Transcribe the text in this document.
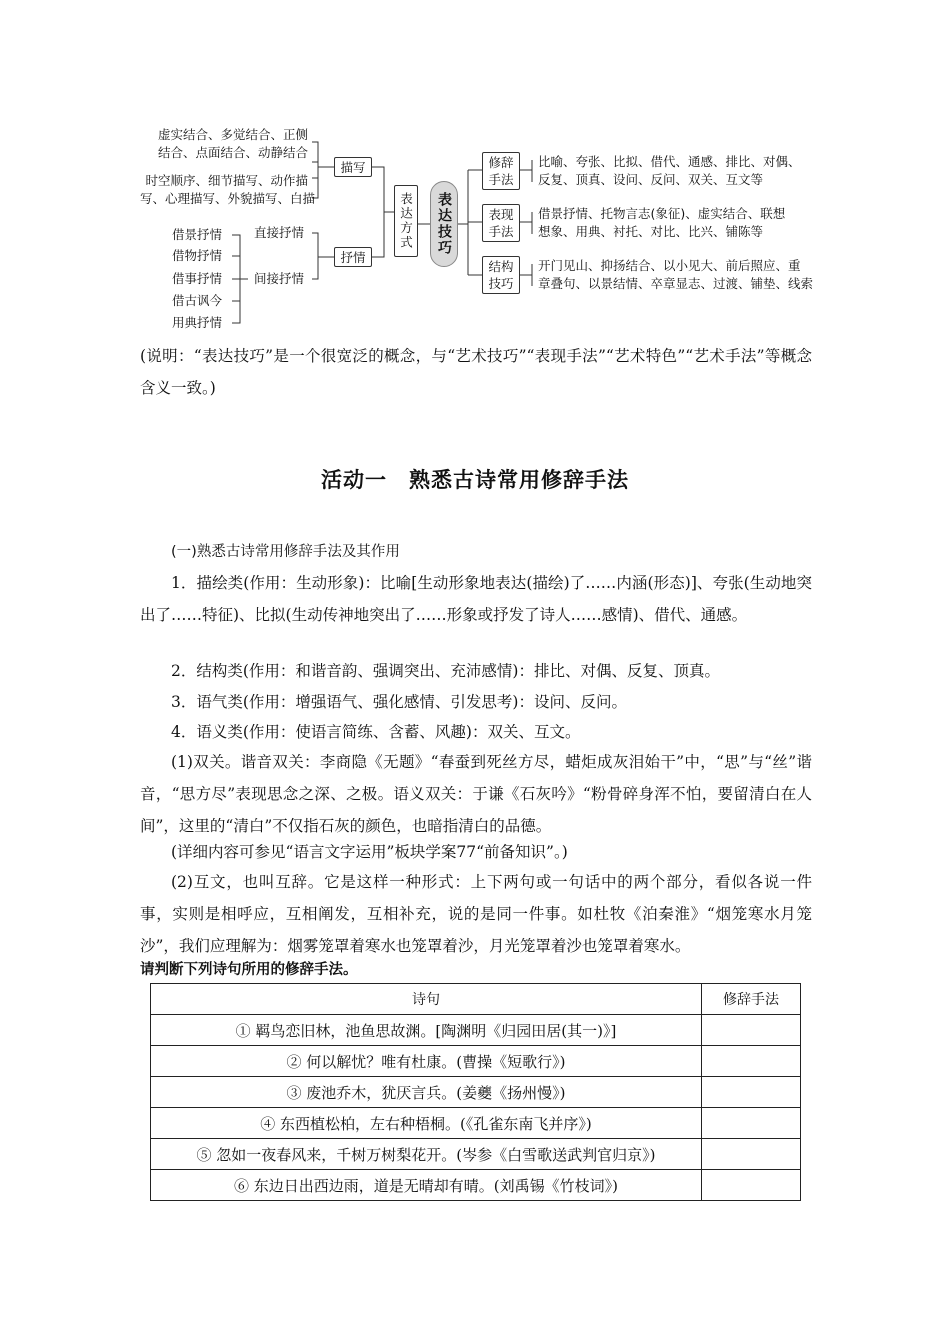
虚实结合、多觉结合、正侧
结合、点面结合、动静结合
时空顺序、细节描写、动作描
写、心理描写、外貌描写、白描
借景抒情
借物抒情
借事抒情
借古讽今
用典抒情
直接抒情
间接抒情
描写
抒情
表达方式 表达技巧
修辞
手法
表现
手法
结构
技巧
比喻、夸张、比拟、借代、通感、排比、对偶、
反复、顶真、设问、反问、双关、互文等
借景抒情、托物言志(象征)、虚实结合、联想
想象、用典、衬托、对比、比兴、铺陈等
开门见山、抑扬结合、以小见大、前后照应、重
章叠句、以景结情、卒章显志、过渡、铺垫、线索
(说明：“表达技巧”是一个很宽泛的概念，与“艺术技巧”“表现手法”“艺术特色”“艺术手法”等概念含义一致。)
活动一　熟悉古诗常用修辞手法
(一)熟悉古诗常用修辞手法及其作用
1．描绘类(作用：生动形象)：比喻[生动形象地表达(描绘)了……内涵(形态)]、夸张(生动地突出了……特征)、比拟(生动传神地突出了……形象或抒发了诗人……感情)、借代、通感。
2．结构类(作用：和谐音韵、强调突出、充沛感情)：排比、对偶、反复、顶真。
3．语气类(作用：增强语气、强化感情、引发思考)：设问、反问。
4．语义类(作用：使语言简练、含蓄、风趣)：双关、互文。
(1)双关。谐音双关：李商隐《无题》“春蚕到死丝方尽，蜡炬成灰泪始干”中，“思”与“丝”谐音，“思方尽”表现思念之深、之极。语义双关：于谦《石灰吟》“粉骨碎身浑不怕，要留清白在人间”，这里的“清白”不仅指石灰的颜色，也暗指清白的品德。
(详细内容可参见“语言文字运用”板块学案77“前备知识”。)
(2)互文，也叫互辞。它是这样一种形式：上下两句或一句话中的两个部分，看似各说一件事，实则是相呼应，互相阐发，互相补充，说的是同一件事。如杜牧《泊秦淮》“烟笼寒水月笼沙”，我们应理解为：烟雾笼罩着寒水也笼罩着沙，月光笼罩着沙也笼罩着寒水。
请判断下列诗句所用的修辞手法。
诗句	修辞手法
① 羁鸟恋旧林，池鱼思故渊。[陶渊明《归园田居(其一)》]	
② 何以解忧？唯有杜康。(曹操《短歌行》)	
③ 废池乔木，犹厌言兵。(姜夔《扬州慢》)	
④ 东西植松柏，左右种梧桐。(《孔雀东南飞并序》)	
⑤ 忽如一夜春风来，千树万树梨花开。(岑参《白雪歌送武判官归京》)	
⑥ 东边日出西边雨，道是无晴却有晴。(刘禹锡《竹枝词》)	
